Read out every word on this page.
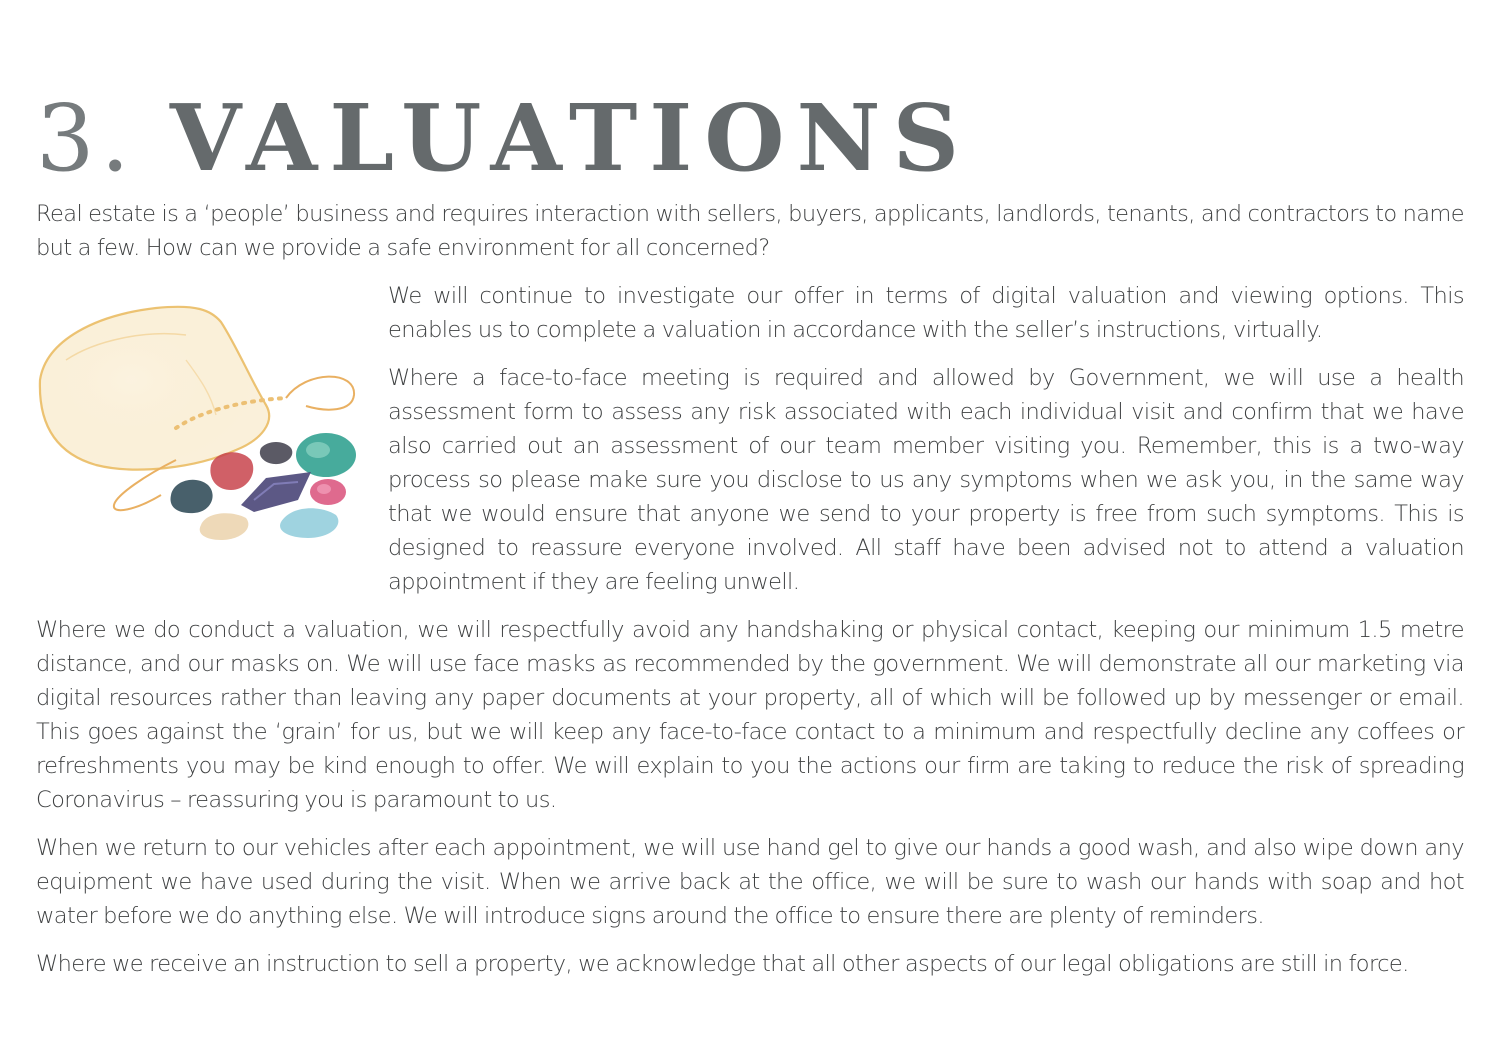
3. VALUATIONS

Real estate is a ‘people’ business and requires interaction with sellers, buyers, applicants, landlords, tenants, and contractors to name but a few. How can we provide a safe environment for all concerned?

We will continue to investigate our offer in terms of digital valuation and viewing options. This enables us to complete a valuation in accordance with the seller’s instructions, virtually.

Where a face-to-face meeting is required and allowed by Government, we will use a health assessment form to assess any risk associated with each individual visit and confirm that we have also carried out an assessment of our team member visiting you. Remember, this is a two-way process so please make sure you disclose to us any symptoms when we ask you, in the same way that we would ensure that anyone we send to your property is free from such symptoms. This is designed to reassure everyone involved. All staff have been advised not to attend a valuation appointment if they are feeling unwell.

Where we do conduct a valuation, we will respectfully avoid any handshaking or physical contact, keeping our minimum 1.5 metre distance, and our masks on. We will use face masks as recommended by the government. We will demonstrate all our marketing via digital resources rather than leaving any paper documents at your property, all of which will be followed up by messenger or email. This goes against the ‘grain’ for us, but we will keep any face-to-face contact to a minimum and respectfully decline any coffees or refreshments you may be kind enough to offer. We will explain to you the actions our firm are taking to reduce the risk of spreading Coronavirus – reassuring you is paramount to us.

When we return to our vehicles after each appointment, we will use hand gel to give our hands a good wash, and also wipe down any equipment we have used during the visit. When we arrive back at the office, we will be sure to wash our hands with soap and hot water before we do anything else. We will introduce signs around the office to ensure there are plenty of reminders.

Where we receive an instruction to sell a property, we acknowledge that all other aspects of our legal obligations are still in force.
